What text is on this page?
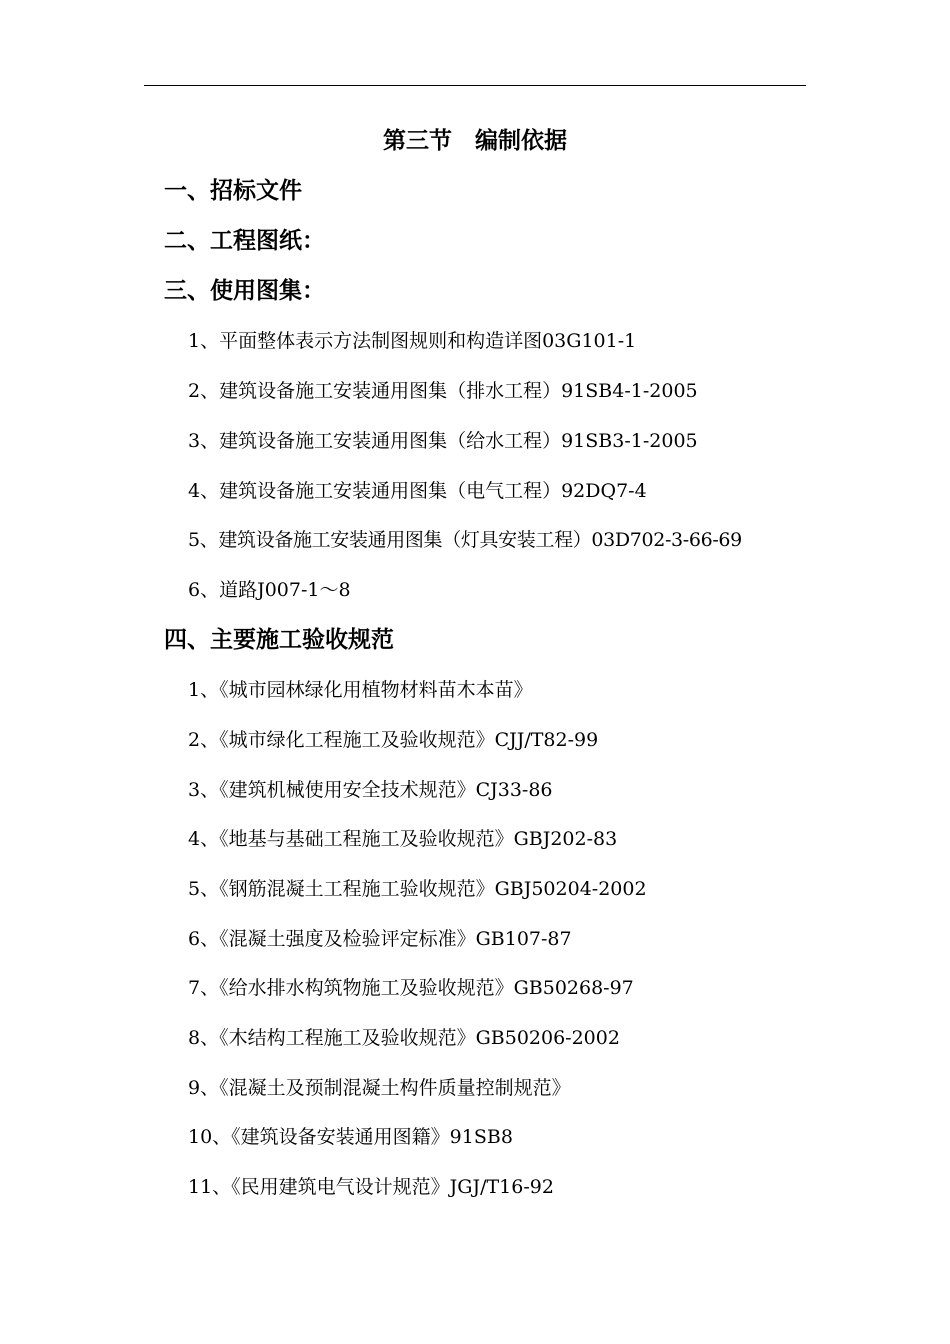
第三节　编制依据
一、招标文件
二、工程图纸：
三、使用图集：
1、平面整体表示方法制图规则和构造详图03G101-1
2、建筑设备施工安装通用图集（排水工程）91SB4-1-2005
3、建筑设备施工安装通用图集（给水工程）91SB3-1-2005
4、建筑设备施工安装通用图集（电气工程）92DQ7-4
5、建筑设备施工安装通用图集（灯具安装工程）03D702-3-66-69
6、道路J007-1～8
四、主要施工验收规范
1、《城市园林绿化用植物材料苗木本苗》
2、《城市绿化工程施工及验收规范》CJJ/T82-99
3、《建筑机械使用安全技术规范》CJ33-86
4、《地基与基础工程施工及验收规范》GBJ202-83
5、《钢筋混凝土工程施工验收规范》GBJ50204-2002
6、《混凝土强度及检验评定标准》GB107-87
7、《给水排水构筑物施工及验收规范》GB50268-97
8、《木结构工程施工及验收规范》GB50206-2002
9、《混凝土及预制混凝土构件质量控制规范》
10、《建筑设备安装通用图籍》91SB8
11、《民用建筑电气设计规范》JGJ/T16-92
